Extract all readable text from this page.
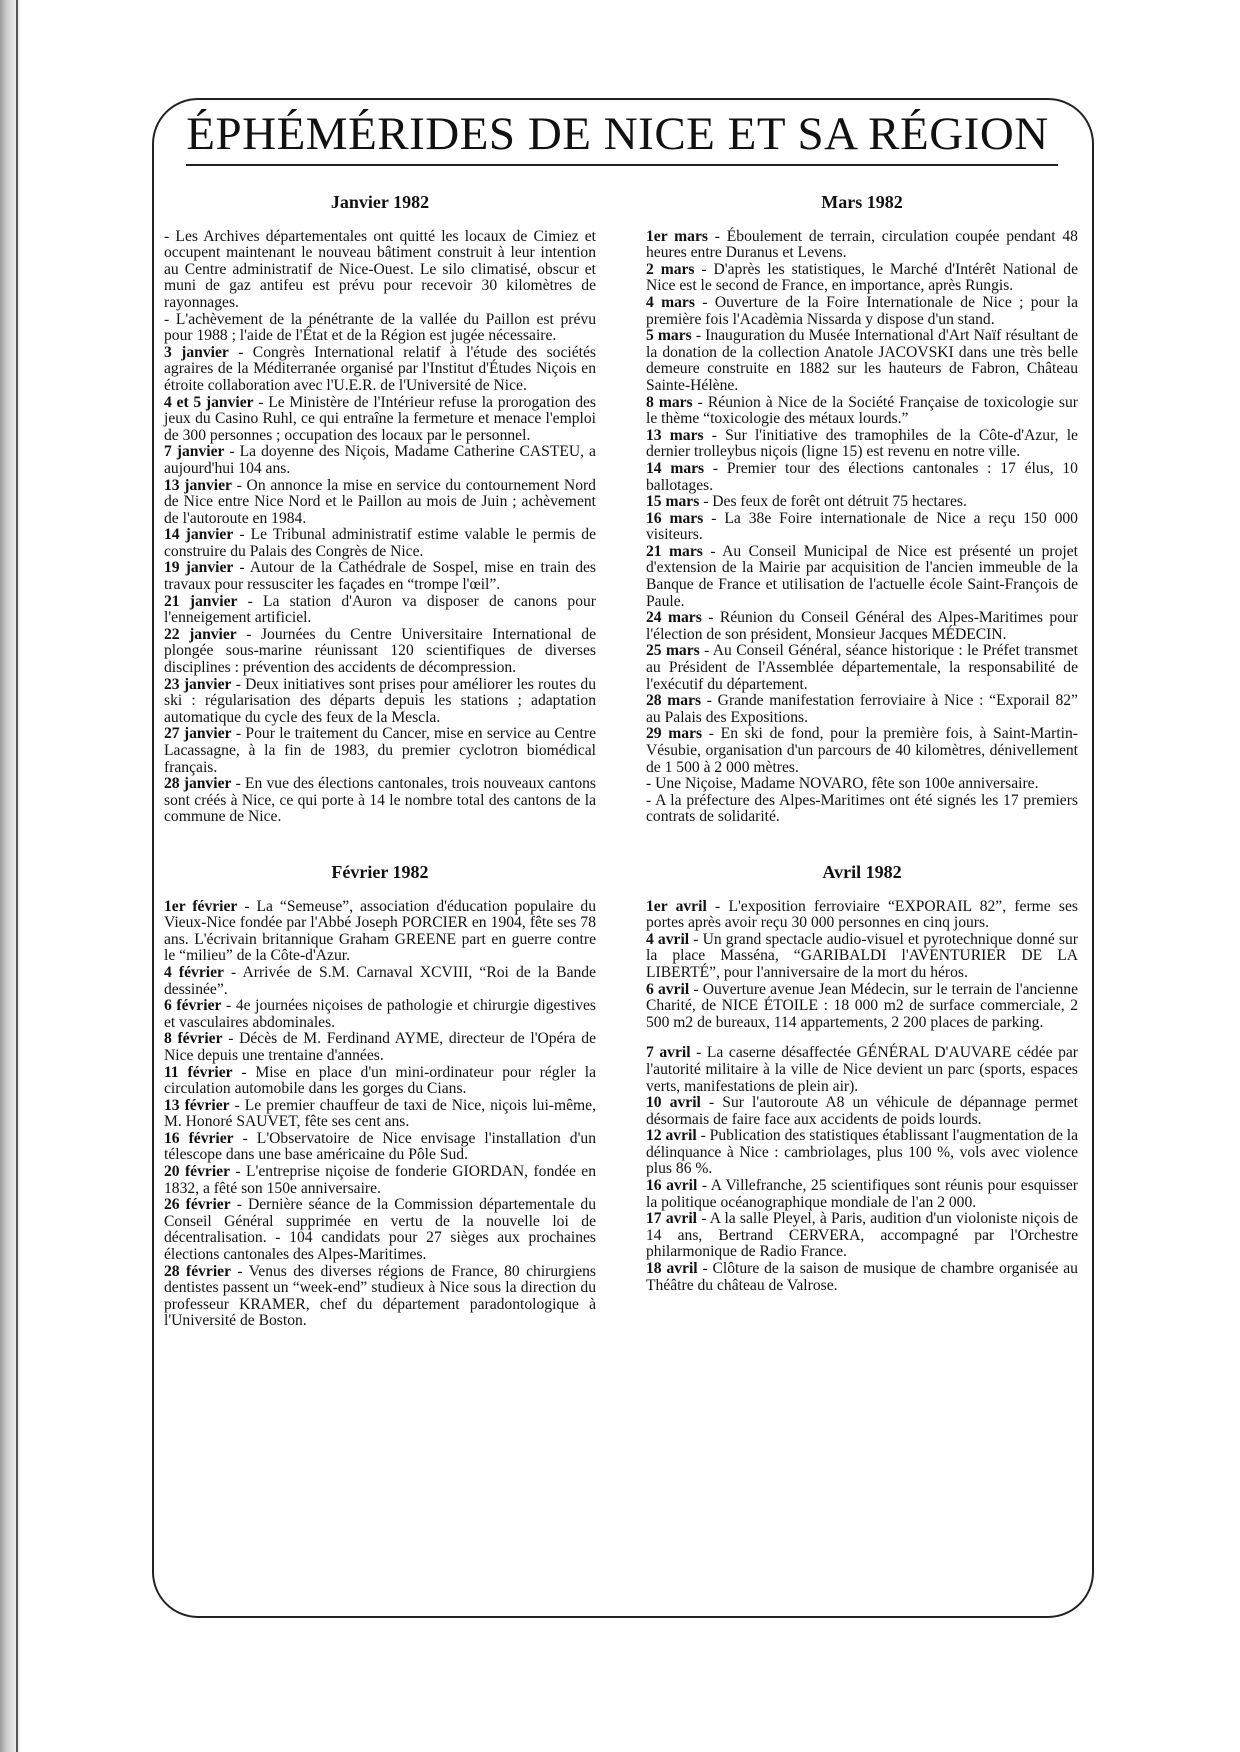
ÉPHÉMÉRIDES DE NICE ET SA RÉGION
Janvier 1982

- Les Archives départementales ont quitté les locaux de Cimiez et occupent maintenant le nouveau bâtiment construit à leur intention au Centre administratif de Nice-Ouest. Le silo climatisé, obscur et muni de gaz antifeu est prévu pour recevoir 30 kilomètres de rayonnages.

- L'achèvement de la pénétrante de la vallée du Paillon est prévu pour 1988 ; l'aide de l'État et de la Région est jugée nécessaire.

3 janvier - Congrès International relatif à l'étude des sociétés agraires de la Méditerranée organisé par l'Institut d'Études Niçois en étroite collaboration avec l'U.E.R. de l'Université de Nice.

4 et 5 janvier - Le Ministère de l'Intérieur refuse la prorogation des jeux du Casino Ruhl, ce qui entraîne la fermeture et menace l'emploi de 300 personnes ; occupation des locaux par le personnel.

7 janvier - La doyenne des Niçois, Madame Catherine CASTEU, a aujourd'hui 104 ans.

13 janvier - On annonce la mise en service du contournement Nord de Nice entre Nice Nord et le Paillon au mois de Juin ; achèvement de l'autoroute en 1984.

14 janvier - Le Tribunal administratif estime valable le permis de construire du Palais des Congrès de Nice.

19 janvier - Autour de la Cathédrale de Sospel, mise en train des travaux pour ressusciter les façades en “trompe l'œil”.

21 janvier - La station d'Auron va disposer de canons pour l'enneigement artificiel.

22 janvier - Journées du Centre Universitaire International de plongée sous-marine réunissant 120 scientifiques de diverses disciplines : prévention des accidents de décompression.

23 janvier - Deux initiatives sont prises pour améliorer les routes du ski : régularisation des départs depuis les stations ; adaptation automatique du cycle des feux de la Mescla.

27 janvier - Pour le traitement du Cancer, mise en service au Centre Lacassagne, à la fin de 1983, du premier cyclotron biomédical français.

28 janvier - En vue des élections cantonales, trois nouveaux cantons sont créés à Nice, ce qui porte à 14 le nombre total des cantons de la commune de Nice.

Février 1982

1er février - La “Semeuse”, association d'éducation populaire du Vieux-Nice fondée par l'Abbé Joseph PORCIER en 1904, fête ses 78 ans. L'écrivain britannique Graham GREENE part en guerre contre le “milieu” de la Côte-d'Azur.

4 février - Arrivée de S.M. Carnaval XCVIII, “Roi de la Bande dessinée”.

6 février - 4e journées niçoises de pathologie et chirurgie digestives et vasculaires abdominales.

8 février - Décès de M. Ferdinand AYME, directeur de l'Opéra de Nice depuis une trentaine d'années.

11 février - Mise en place d'un mini-ordinateur pour régler la circulation automobile dans les gorges du Cians.

13 février - Le premier chauffeur de taxi de Nice, niçois lui-même, M. Honoré SAUVET, fête ses cent ans.

16 février - L'Observatoire de Nice envisage l'installation d'un télescope dans une base américaine du Pôle Sud.

20 février - L'entreprise niçoise de fonderie GIORDAN, fondée en 1832, a fêté son 150e anniversaire.

26 février - Dernière séance de la Commission départementale du Conseil Général supprimée en vertu de la nouvelle loi de décentralisation. - 104 candidats pour 27 sièges aux prochaines élections cantonales des Alpes-Maritimes.

28 février - Venus des diverses régions de France, 80 chirurgiens dentistes passent un “week-end” studieux à Nice sous la direction du professeur KRAMER, chef du département paradontologique à l'Université de Boston.

Mars 1982

1er mars - Éboulement de terrain, circulation coupée pendant 48 heures entre Duranus et Levens.

2 mars - D'après les statistiques, le Marché d'Intérêt National de Nice est le second de France, en importance, après Rungis.

4 mars - Ouverture de la Foire Internationale de Nice ; pour la première fois l'Acadèmia Nissarda y dispose d'un stand.

5 mars - Inauguration du Musée International d'Art Naïf résultant de la donation de la collection Anatole JACOVSKI dans une très belle demeure construite en 1882 sur les hauteurs de Fabron, Château Sainte-Hélène.

8 mars - Réunion à Nice de la Société Française de toxicologie sur le thème “toxicologie des métaux lourds.”

13 mars - Sur l'initiative des tramophiles de la Côte-d'Azur, le dernier trolleybus niçois (ligne 15) est revenu en notre ville.

14 mars - Premier tour des élections cantonales : 17 élus, 10 ballotages.

15 mars - Des feux de forêt ont détruit 75 hectares.

16 mars - La 38e Foire internationale de Nice a reçu 150 000 visiteurs.

21 mars - Au Conseil Municipal de Nice est présenté un projet d'extension de la Mairie par acquisition de l'ancien immeuble de la Banque de France et utilisation de l'actuelle école Saint-François de Paule.

24 mars - Réunion du Conseil Général des Alpes-Maritimes pour l'élection de son président, Monsieur Jacques MÉDECIN.

25 mars - Au Conseil Général, séance historique : le Préfet transmet au Président de l'Assemblée départementale, la responsabilité de l'exécutif du département.

28 mars - Grande manifestation ferroviaire à Nice : “Exporail 82” au Palais des Expositions.

29 mars - En ski de fond, pour la première fois, à Saint-Martin-Vésubie, organisation d'un parcours de 40 kilomètres, dénivellement de 1 500 à 2 000 mètres.

- Une Niçoise, Madame NOVARO, fête son 100e anniversaire.

- A la préfecture des Alpes-Maritimes ont été signés les 17 premiers contrats de solidarité.

Avril 1982

1er avril - L'exposition ferroviaire “EXPORAIL 82”, ferme ses portes après avoir reçu 30 000 personnes en cinq jours.

4 avril - Un grand spectacle audio-visuel et pyrotechnique donné sur la place Masséna, “GARIBALDI l'AVENTURIER DE LA LIBERTÉ”, pour l'anniversaire de la mort du héros.

6 avril - Ouverture avenue Jean Médecin, sur le terrain de l'ancienne Charité, de NICE ÉTOILE : 18 000 m2 de surface commerciale, 2 500 m2 de bureaux, 114 appartements, 2 200 places de parking.

7 avril - La caserne désaffectée GÉNÉRAL D'AUVARE cédée par l'autorité militaire à la ville de Nice devient un parc (sports, espaces verts, manifestations de plein air).

10 avril - Sur l'autoroute A8 un véhicule de dépannage permet désormais de faire face aux accidents de poids lourds.

12 avril - Publication des statistiques établissant l'augmentation de la délinquance à Nice : cambriolages, plus 100 %, vols avec violence plus 86 %.

16 avril - A Villefranche, 25 scientifiques sont réunis pour esquisser la politique océanographique mondiale de l'an 2 000.

17 avril - A la salle Pleyel, à Paris, audition d'un violoniste niçois de 14 ans, Bertrand CERVERA, accompagné par l'Orchestre philarmonique de Radio France.

18 avril - Clôture de la saison de musique de chambre organisée au Théâtre du château de Valrose.
